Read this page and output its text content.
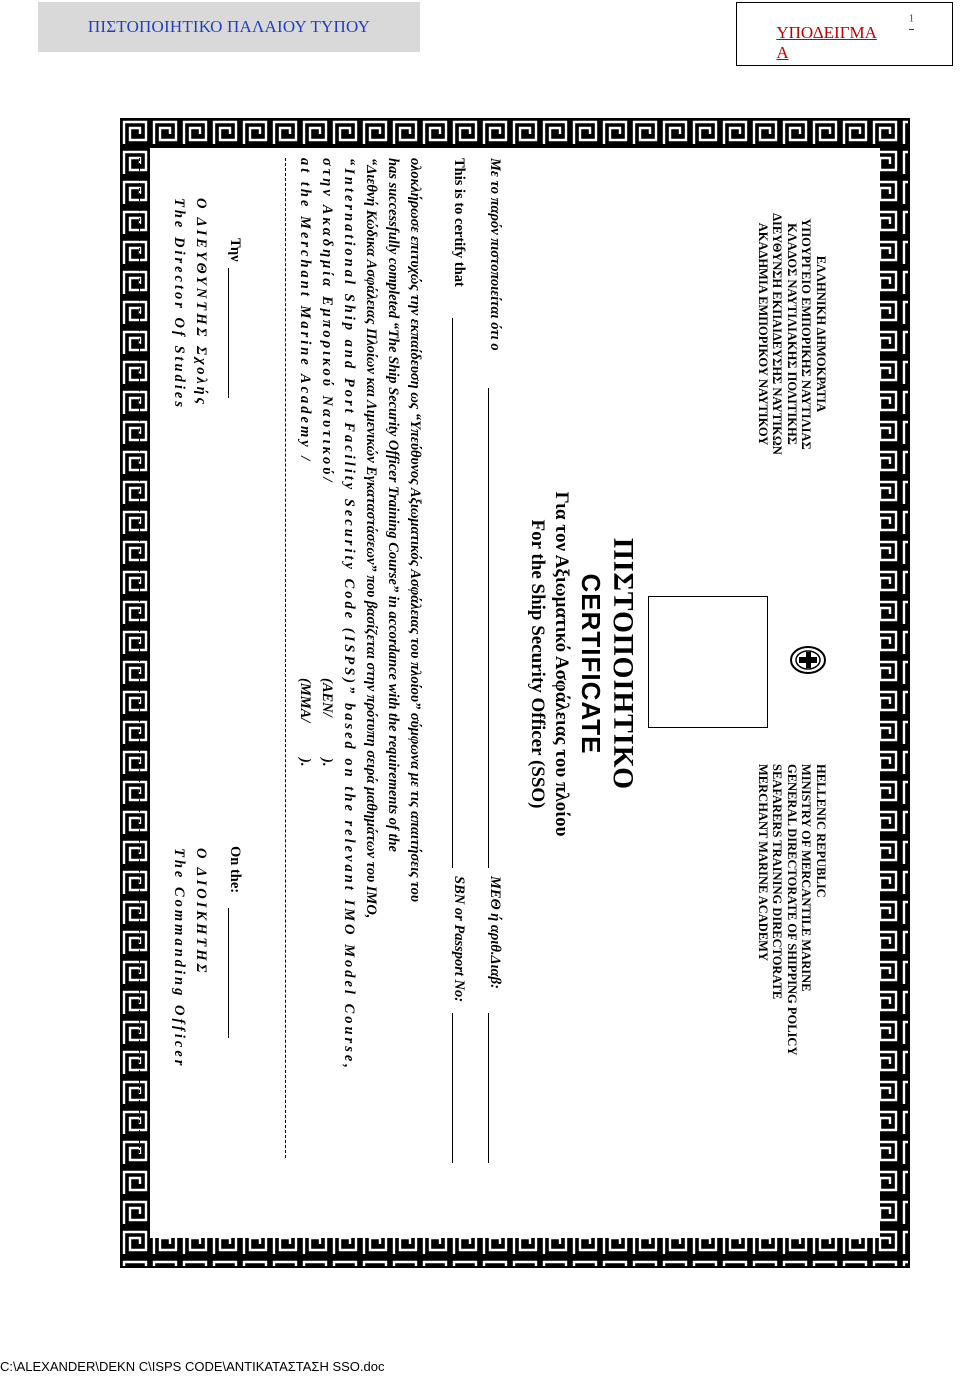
ΠΙΣΤΟΠΟΙΗΤΙΚΟ ΠΑΛΑΙΟΥ ΤΥΠΟΥ	ΥΠΟΔΕΙΓΜΑ Α
$^1$
ΕΛΛΗΝΙΚΗ ΔΗΜΟΚΡΑΤΙΑ
ΥΠΟΥΡΓΕΙΟ ΕΜΠΟΡΙΚΗΣ ΝΑΥΤΙΛΙΑΣ
ΚΛΑΔΟΣ ΝΑΥΤΙΛΙΑΚΗΣ ΠΟΛΙΤΙΚΗΣ
ΔΙΕΥΘΥΝΣΗ ΕΚΠΑΙΔΕΥΣΗΣ ΝΑΥΤΙΚΩΝ
ΑΚΑΔΗΜΙΑ ΕΜΠΟΡΙΚΟΥ ΝΑΥΤΙΚΟΥ
HELLENIC REPUBLIC
MINISTRY OF MERCANTILE MARINE
GENERAL DIRECTORATE OF SHIPPING POLICY
SEAFARERS TRAINING DIRECTORATE
MERCHANT MARINE ACADEMY
ΠΙΣΤΟΠΟΙΗΤΙΚΟ
CERTIFICATE
Για τον Αξιωματικό Ασφάλειας του πλοίου
For the Ship Security Officer (SSO)
Με το παρόν πιστοποιείται ότι ο
ΜΕΘ ή αριθ.Διαβ:
This is to certify that
SBN or Passport No:
ολοκλήρωσε επιτυχώς την εκπαίδευση ως “Υπεύθυνος Αξιωματικός Ασφάλειας του πλοίου” σύμφωνα με τις απαιτήσεις του
has successfully completed “The Ship Security Officer Training Course” in accordance with the requirements of the
“Διεθνή Κώδικα Ασφάλειας Πλοίων και Λιμενικών Εγκαταστάσεων” που βασίζεται στην πρότυπη σειρά μαθημάτων του ΙΜΟ,
“International Ship and Port Facility Security Code (ISPS)” based on the relevant IMO Model Course,
στην Ακαδημία Εμπορικού Ναυτικού/
(ΑΕΝ/
).
at the Merchant Marine Academy /
(MMA/
).
Την
On the:
Ο ΔΙΕΥΘΥΝΤΗΣ Σχολής
The Director Of Studies
Ο ΔΙΟΙΚΗΤΗΣ
The Commanding Officer
C:\ALEXANDER\DEKN C\ISPS CODE\ΑΝΤΙΚΑΤΑΣΤΑΣΗ SSO.doc
